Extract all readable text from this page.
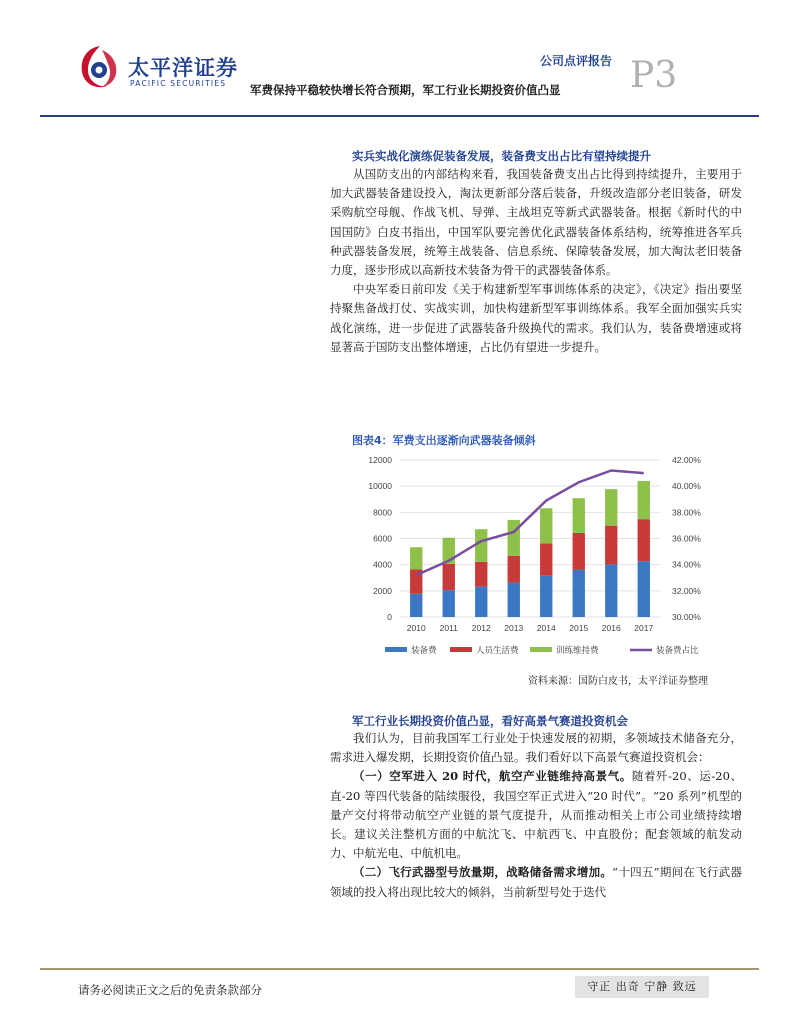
太平洋证券
PACIFIC SECURITIES
公司点评报告
军费保持平稳较快增长符合预期，军工行业长期投资价值凸显 P3
实兵实战化演练促装备发展，装备费支出占比有望持续提升

从国防支出的内部结构来看，我国装备费支出占比得到持续提升，主要用于加大武器装备建设投入，淘汰更新部分落后装备，升级改造部分老旧装备，研发采购航空母舰、作战飞机、导弹、主战坦克等新式武器装备。根据《新时代的中国国防》白皮书指出，中国军队要完善优化武器装备体系结构，统筹推进各军兵种武器装备发展，统筹主战装备、信息系统、保障装备发展，加大淘汰老旧装备力度，逐步形成以高新技术装备为骨干的武器装备体系。

中央军委日前印发《关于构建新型军事训练体系的决定》，《决定》指出要坚持聚焦备战打仗、实战实训，加快构建新型军事训练体系。我军全面加强实兵实战化演练，进一步促进了武器装备升级换代的需求。我们认为，装备费增速或将显著高于国防支出整体增速，占比仍有望进一步提升。

图表4：军费支出逐渐向武器装备倾斜
0
2000
4000
6000
8000
10000
12000
30.00%
32.00%
34.00%
36.00%
38.00%
40.00%
42.00%
2010 2011 2012 2013 2014 2015 2016 2017
装备费	人员生活费	训练维持费	装备费占比
资料来源：国防白皮书，太平洋证券整理
军工行业长期投资价值凸显，看好高景气赛道投资机会

我们认为，目前我国军工行业处于快速发展的初期，多领域技术储备充分，需求进入爆发期，长期投资价值凸显。我们看好以下高景气赛道投资机会：

（一）空军进入 20 时代，航空产业链维持高景气。随着歼-20、运-20、直-20 等四代装备的陆续服役，我国空军正式进入“20 时代”。“20 系列”机型的量产交付将带动航空产业链的景气度提升，从而推动相关上市公司业绩持续增长。建议关注整机方面的中航沈飞、中航西飞、中直股份；配套领域的航发动力、中航光电、中航机电。

（二）飞行武器型号放量期，战略储备需求增加。“十四五”期间在飞行武器领域的投入将出现比较大的倾斜，当前新型号处于迭代

请务必阅读正文之后的免责条款部分	守正 出奇 宁静 致远
